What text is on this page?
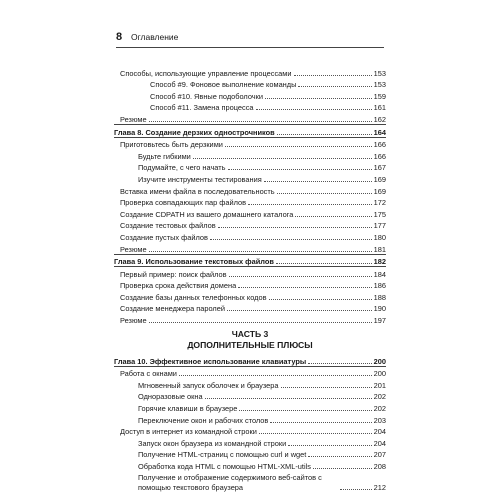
8 Оглавление
Способы, использующие управление процессами	153
Способ #9. Фоновое выполнение команды	153
Способ #10. Явные подоболочки	159
Способ #11. Замена процесса	161
Резюме	162
Глава 8. Создание дерзких однострочников	164
Приготовьтесь быть дерзкими	166
Будьте гибкими	166
Подумайте, с чего начать	167
Изучите инструменты тестирования	169
Вставка имени файла в последовательность	169
Проверка совпадающих пар файлов	172
Создание CDPATH из вашего домашнего каталога	175
Создание тестовых файлов	177
Создание пустых файлов	180
Резюме	181
Глава 9. Использование текстовых файлов	182
Первый пример: поиск файлов	184
Проверка срока действия домена	186
Создание базы данных телефонных кодов	188
Создание менеджера паролей	190
Резюме	197
ЧАСТЬ 3
ДОПОЛНИТЕЛЬНЫЕ ПЛЮСЫ
Глава 10. Эффективное использование клавиатуры	200
Работа с окнами	200
Мгновенный запуск оболочек и браузера	201
Одноразовые окна	202
Горячие клавиши в браузере	202
Переключение окон и рабочих столов	203
Доступ в интернет из командной строки	204
Запуск окон браузера из командной строки	204
Получение HTML-страниц с помощью curl и wget	207
Обработка кода HTML с помощью HTML-XML-utils	208
Получение и отображение содержимого веб-сайтов с помощью текстового браузера	212
